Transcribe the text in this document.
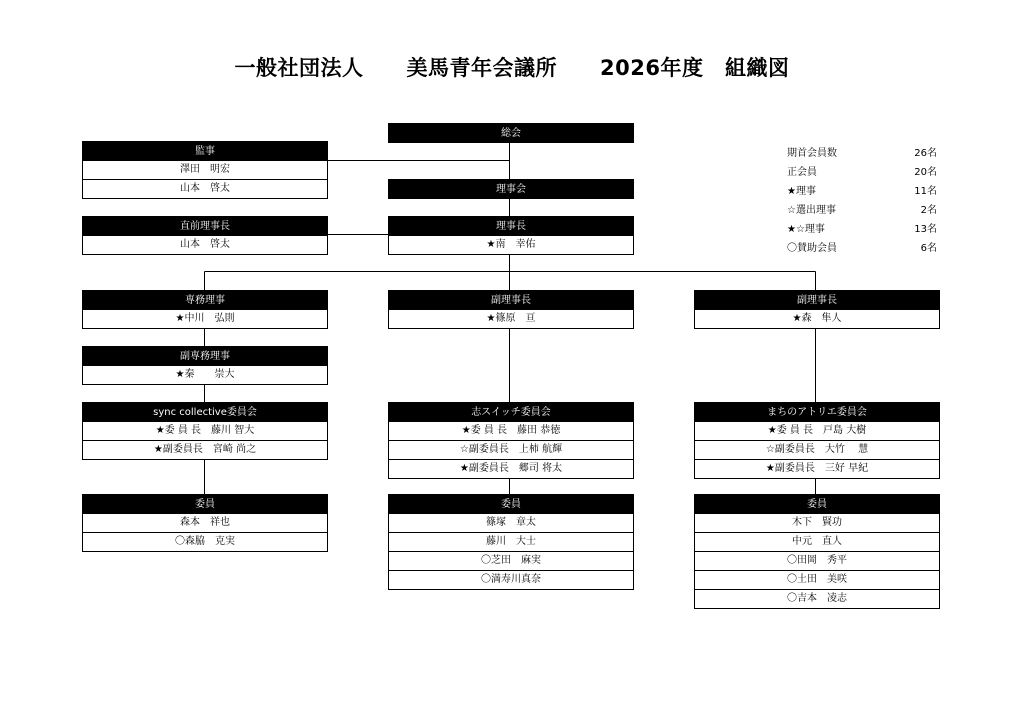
一般社団法人　　美馬青年会議所　　2026年度　組織図
総会
理事会
監事
澤田　明宏
山本　啓太
直前理事長
山本　啓太
理事長
★南　幸佑
専務理事
★中川　弘則
副理事長
★篠原　亘
副理事長
★森　隼人
副専務理事
★秦　　崇大
sync collective委員会
★委 員 長　藤川 智大
★副委員長　宮崎 尚之
志スイッチ委員会
★委 員 長　藤田 恭徳
☆副委員長　上柿 航輝
★副委員長　郷司 将太
まちのアトリエ委員会
★委 員 長　戸島 大樹
☆副委員長　大竹　 慧
★副委員長　三好 早紀
委員
森本　祥也
〇森脇　克実
委員
篠塚　章太
藤川　大士
〇芝田　麻実
〇満寿川真奈
委員
木下　賢功
中元　直人
〇田岡　秀平
〇土田　美咲
〇吉本　凌志
期首会員数	26名
正会員	20名
★理事	11名
☆選出理事	2名
★☆理事	13名
〇賛助会員	6名
